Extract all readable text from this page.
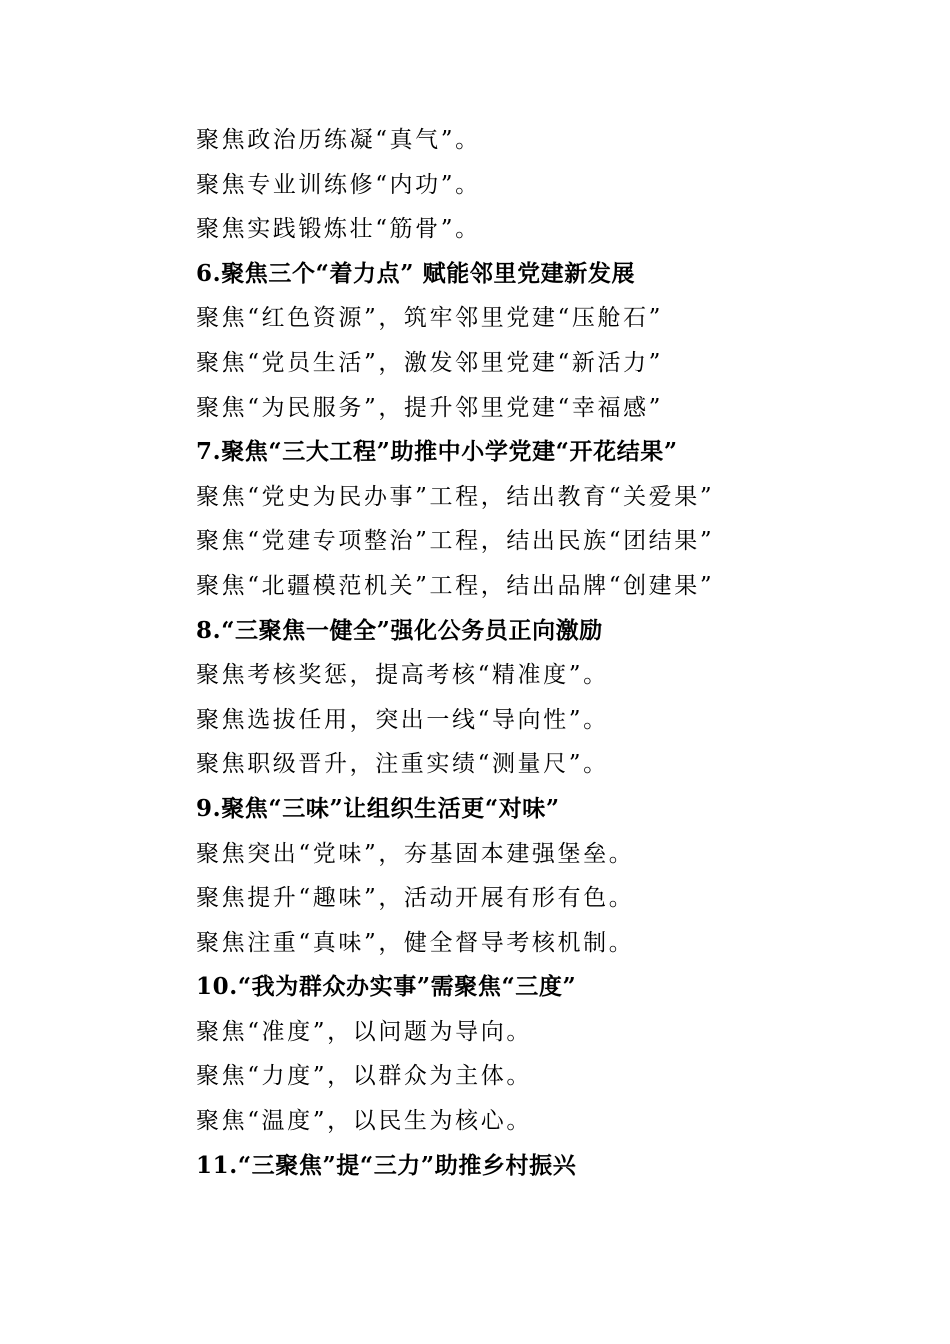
聚焦政治历练凝“真气”。
聚焦专业训练修“内功”。
聚焦实践锻炼壮“筋骨”。
6.聚焦三个“着力点” 赋能邻里党建新发展
聚焦“红色资源”，筑牢邻里党建“压舱石”
聚焦“党员生活”，激发邻里党建“新活力”
聚焦“为民服务”，提升邻里党建“幸福感”
7.聚焦“三大工程”助推中小学党建“开花结果”
聚焦“党史为民办事”工程，结出教育“关爱果”
聚焦“党建专项整治”工程，结出民族“团结果”
聚焦“北疆模范机关”工程，结出品牌“创建果”
8.“三聚焦一健全”强化公务员正向激励
聚焦考核奖惩，提高考核“精准度”。
聚焦选拔任用，突出一线“导向性”。
聚焦职级晋升，注重实绩“测量尺”。
9.聚焦“三味”让组织生活更“对味”
聚焦突出“党味”，夯基固本建强堡垒。
聚焦提升“趣味”，活动开展有形有色。
聚焦注重“真味”，健全督导考核机制。
10.“我为群众办实事”需聚焦“三度”
聚焦“准度”，以问题为导向。
聚焦“力度”，以群众为主体。
聚焦“温度”，以民生为核心。
11.“三聚焦”提“三力”助推乡村振兴
